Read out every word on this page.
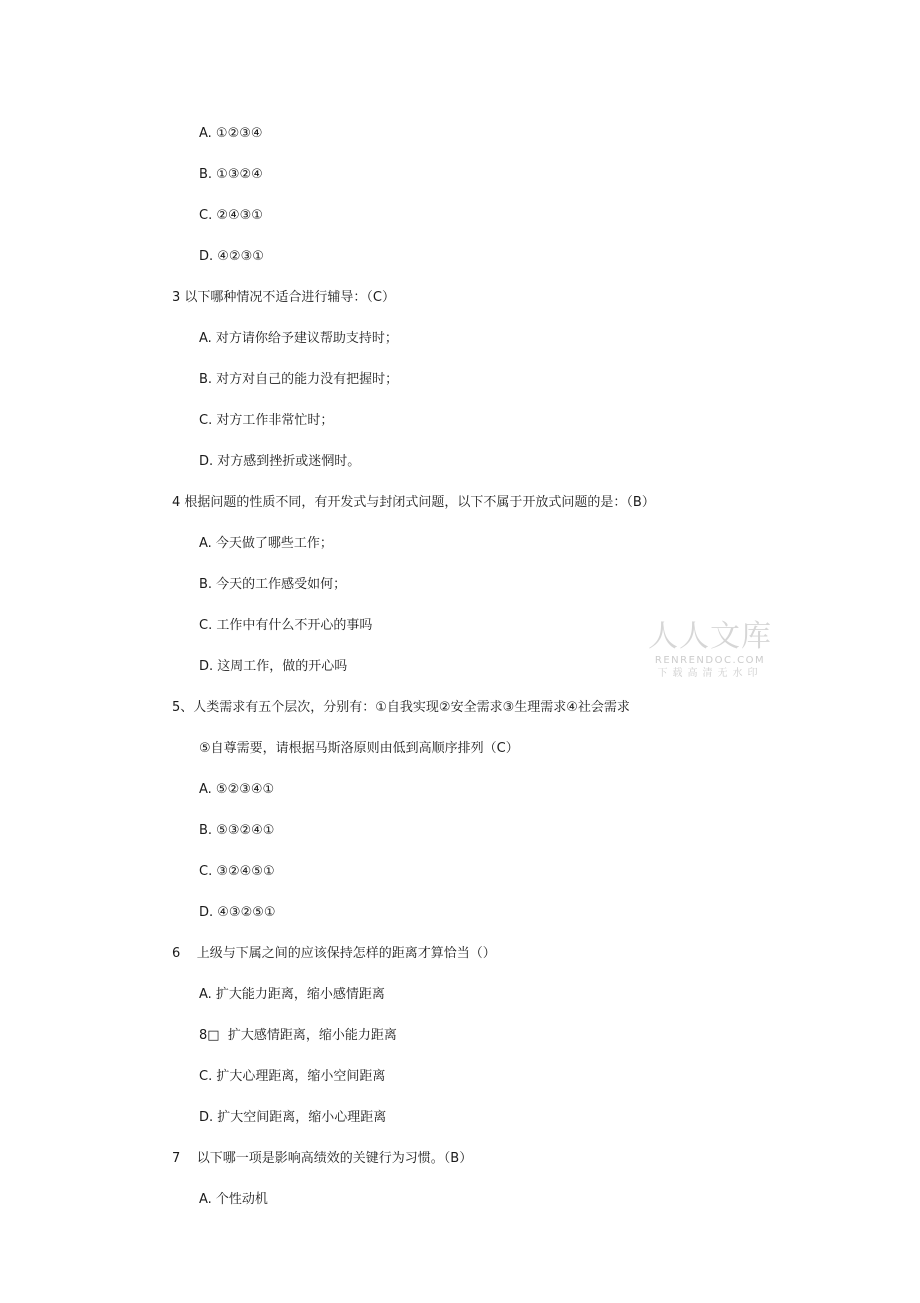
A. ①②③④
B. ①③②④
C. ②④③①
D. ④②③①
3 以下哪种情况不适合进行辅导：（C）
A. 对方请你给予建议帮助支持时；
B. 对方对自己的能力没有把握时；
C. 对方工作非常忙时；
D. 对方感到挫折或迷惘时。
4 根据问题的性质不同，有开发式与封闭式问题，以下不属于开放式问题的是：（B）
A. 今天做了哪些工作；
B. 今天的工作感受如何；
C. 工作中有什么不开心的事吗
D. 这周工作，做的开心吗
5、人类需求有五个层次，分别有：①自我实现②安全需求③生理需求④社会需求
⑤自尊需要，请根据马斯洛原则由低到高顺序排列（C）
A. ⑤②③④①
B. ⑤③②④①
C. ③②④⑤①
D. ④③②⑤①
6    上级与下属之间的应该保持怎样的距离才算恰当（）
A. 扩大能力距离，缩小感情距离
8□  扩大感情距离，缩小能力距离
C. 扩大心理距离，缩小空间距离
D. 扩大空间距离，缩小心理距离
7    以下哪一项是影响高绩效的关键行为习惯。（B）
A. 个性动机
人人文库
RENRENDOC.COM
下载高清无水印
